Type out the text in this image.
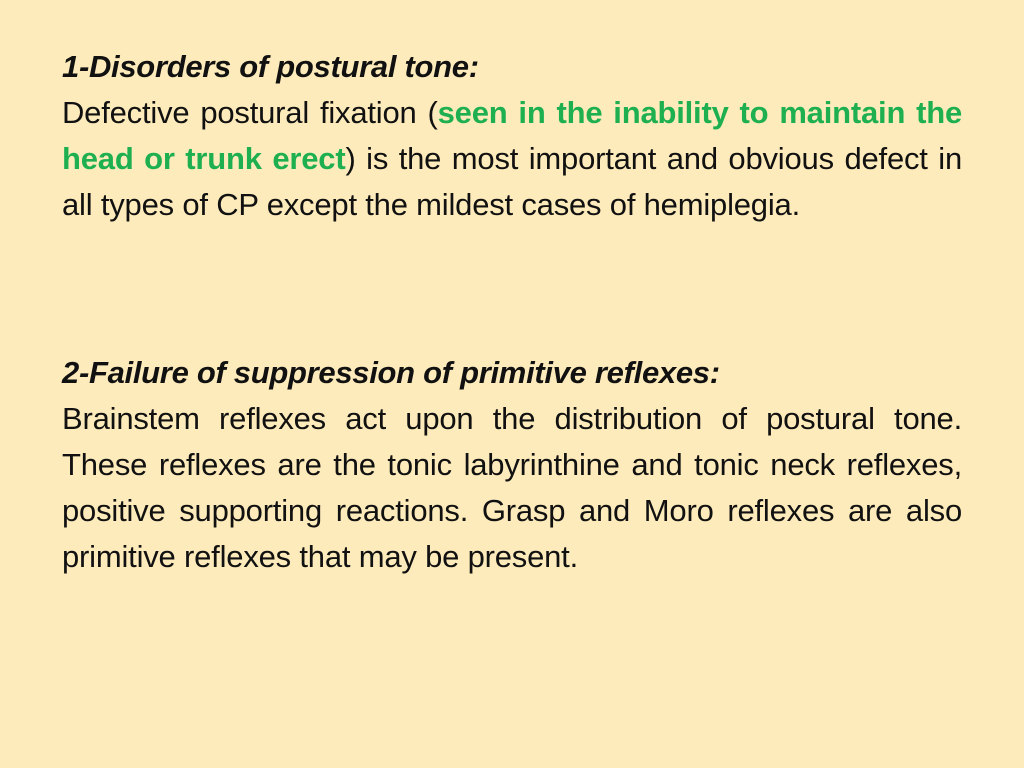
1-Disorders of postural tone:

Defective postural fixation (seen in the inability to maintain the head or trunk erect) is the most important and obvious defect in all types of CP except the mildest cases of hemiplegia.

2-Failure of suppression of primitive reflexes:

Brainstem reflexes act upon the distribution of postural tone. These reflexes are the tonic labyrinthine and tonic neck reflexes, positive supporting reactions. Grasp and Moro reflexes are also primitive reflexes that may be present.
